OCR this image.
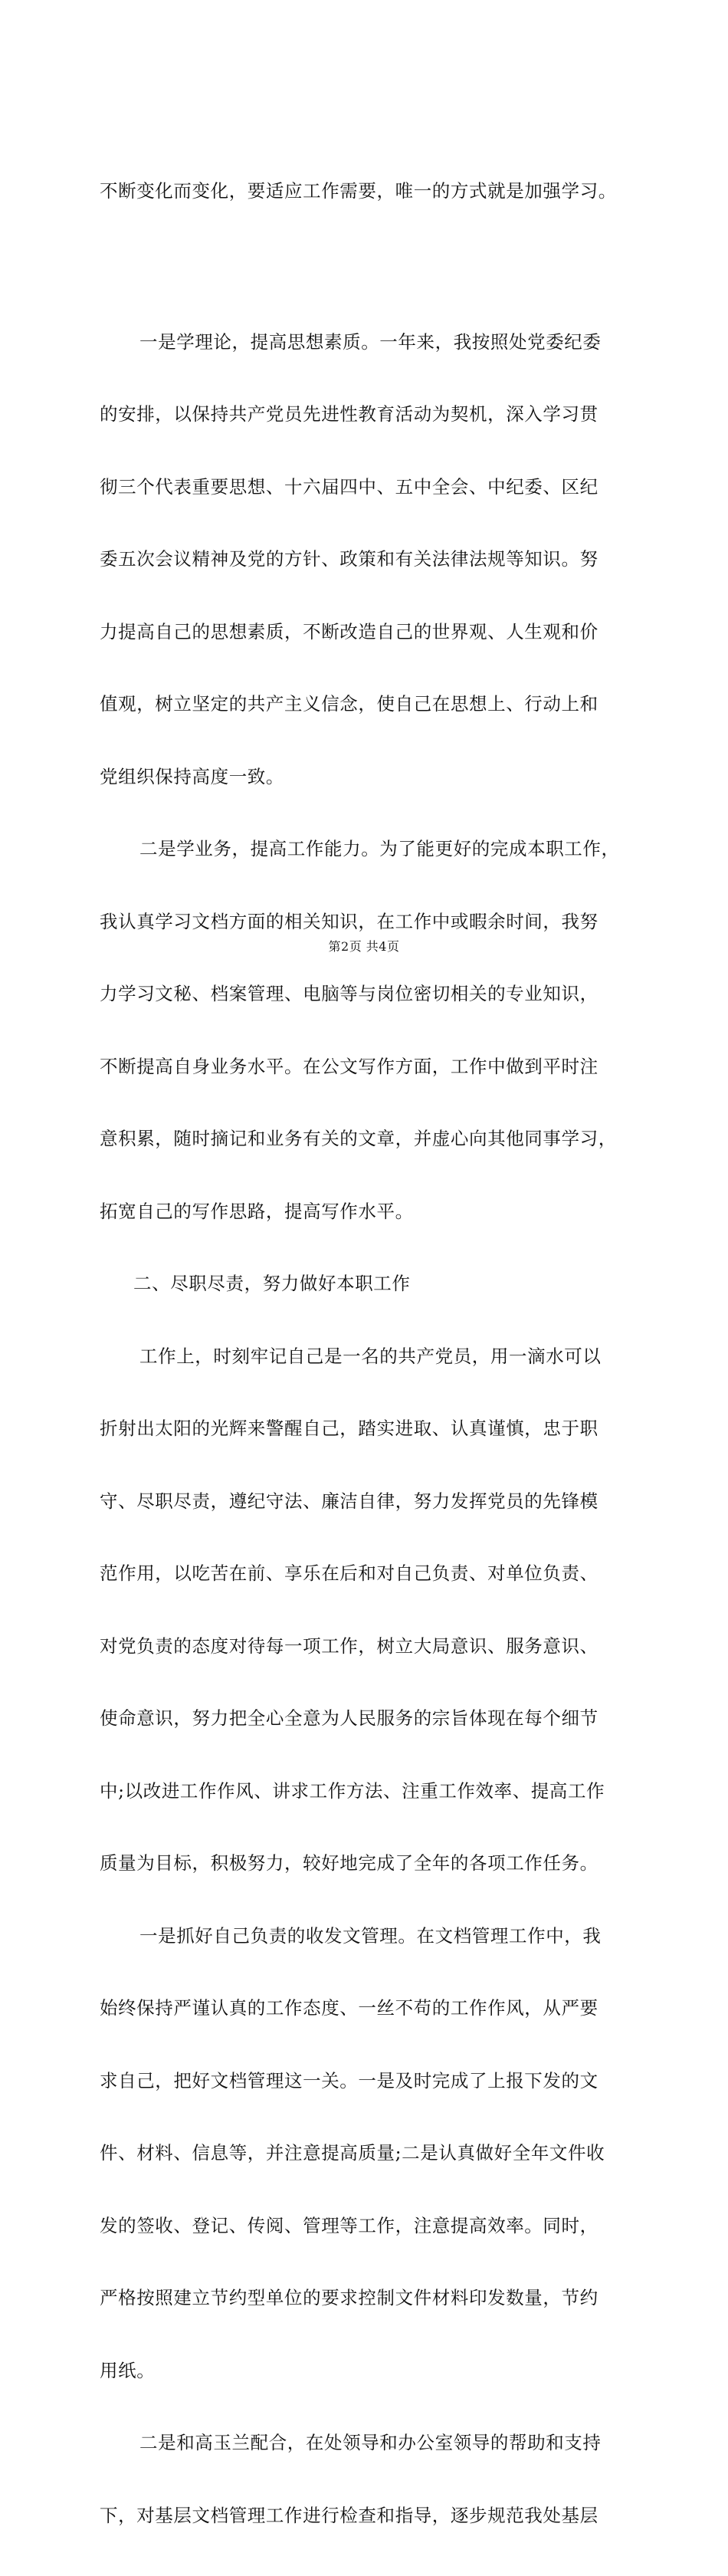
不断变化而变化，要适应工作需要，唯一的方式就是加强学习。

一是学理论，提高思想素质。一年来，我按照处党委纪委

的安排，以保持共产党员先进性教育活动为契机，深入学习贯

彻三个代表重要思想、十六届四中、五中全会、中纪委、区纪

委五次会议精神及党的方针、政策和有关法律法规等知识。努

力提高自己的思想素质，不断改造自己的世界观、人生观和价

值观，树立坚定的共产主义信念，使自己在思想上、行动上和

党组织保持高度一致。

二是学业务，提高工作能力。为了能更好的完成本职工作，

我认真学习文档方面的相关知识，在工作中或暇余时间，我努

力学习文秘、档案管理、电脑等与岗位密切相关的专业知识，

不断提高自身业务水平。在公文写作方面，工作中做到平时注

意积累，随时摘记和业务有关的文章，并虚心向其他同事学习，

拓宽自己的写作思路，提高写作水平。

二、尽职尽责，努力做好本职工作

工作上，时刻牢记自己是一名的共产党员，用一滴水可以

折射出太阳的光辉来警醒自己，踏实进取、认真谨慎，忠于职

守、尽职尽责，遵纪守法、廉洁自律，努力发挥党员的先锋模

范作用，以吃苦在前、享乐在后和对自己负责、对单位负责、

对党负责的态度对待每一项工作，树立大局意识、服务意识、

使命意识，努力把全心全意为人民服务的宗旨体现在每个细节

中;以改进工作作风、讲求工作方法、注重工作效率、提高工作

质量为目标，积极努力，较好地完成了全年的各项工作任务。

一是抓好自己负责的收发文管理。在文档管理工作中，我

始终保持严谨认真的工作态度、一丝不苟的工作作风，从严要

求自己，把好文档管理这一关。一是及时完成了上报下发的文

件、材料、信息等，并注意提高质量;二是认真做好全年文件收

发的签收、登记、传阅、管理等工作，注意提高效率。同时，

严格按照建立节约型单位的要求控制文件材料印发数量，节约

用纸。

二是和高玉兰配合，在处领导和办公室领导的帮助和支持

下，对基层文档管理工作进行检查和指导，逐步规范我处基层

第2页 共4页
